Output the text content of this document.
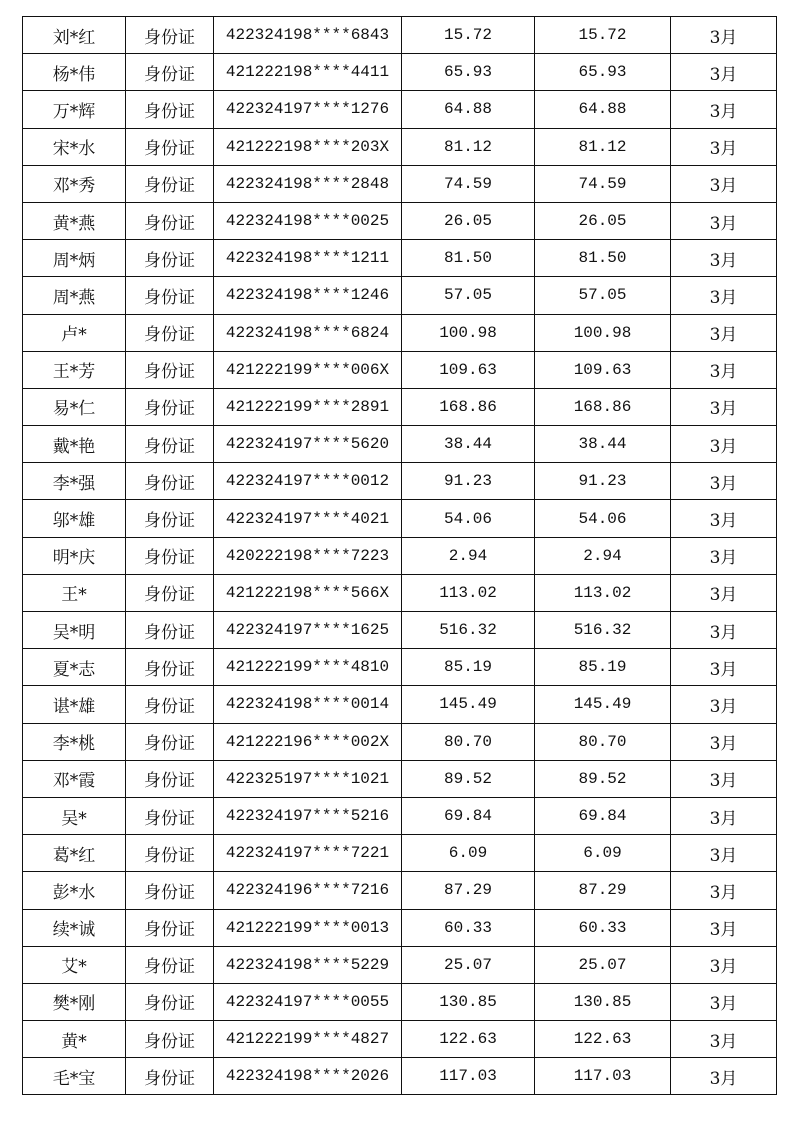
刘*红	身份证	422324198****6843	15.72	15.72	3月
杨*伟	身份证	421222198****4411	65.93	65.93	3月
万*辉	身份证	422324197****1276	64.88	64.88	3月
宋*水	身份证	421222198****203X	81.12	81.12	3月
邓*秀	身份证	422324198****2848	74.59	74.59	3月
黄*燕	身份证	422324198****0025	26.05	26.05	3月
周*炳	身份证	422324198****1211	81.50	81.50	3月
周*燕	身份证	422324198****1246	57.05	57.05	3月
卢*	身份证	422324198****6824	100.98	100.98	3月
王*芳	身份证	421222199****006X	109.63	109.63	3月
易*仁	身份证	421222199****2891	168.86	168.86	3月
戴*艳	身份证	422324197****5620	38.44	38.44	3月
李*强	身份证	422324197****0012	91.23	91.23	3月
邬*雄	身份证	422324197****4021	54.06	54.06	3月
明*庆	身份证	420222198****7223	2.94	2.94	3月
王*	身份证	421222198****566X	113.02	113.02	3月
吴*明	身份证	422324197****1625	516.32	516.32	3月
夏*志	身份证	421222199****4810	85.19	85.19	3月
谌*雄	身份证	422324198****0014	145.49	145.49	3月
李*桃	身份证	421222196****002X	80.70	80.70	3月
邓*霞	身份证	422325197****1021	89.52	89.52	3月
吴*	身份证	422324197****5216	69.84	69.84	3月
葛*红	身份证	422324197****7221	6.09	6.09	3月
彭*水	身份证	422324196****7216	87.29	87.29	3月
续*诚	身份证	421222199****0013	60.33	60.33	3月
艾*	身份证	422324198****5229	25.07	25.07	3月
樊*刚	身份证	422324197****0055	130.85	130.85	3月
黄*	身份证	421222199****4827	122.63	122.63	3月
毛*宝	身份证	422324198****2026	117.03	117.03	3月
